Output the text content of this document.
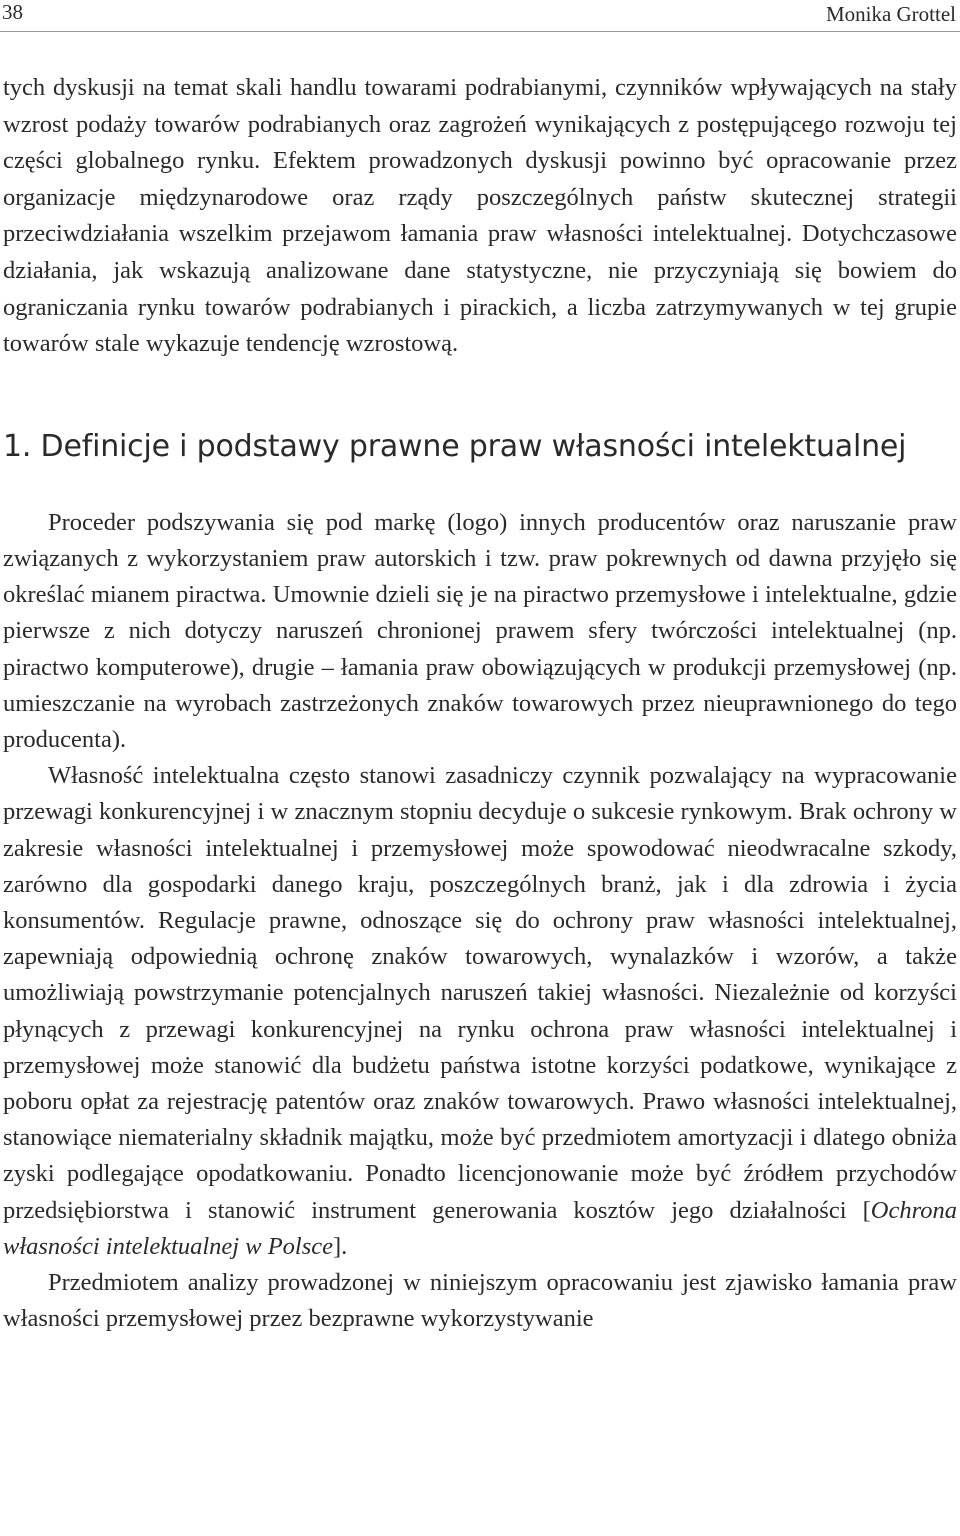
38	Monika Grottel

tych dyskusji na temat skali handlu towarami podrabianymi, czynników wpływających na stały wzrost podaży towarów podrabianych oraz zagrożeń wynikających z postępującego rozwoju tej części globalnego rynku. Efektem prowadzonych dyskusji powinno być opracowanie przez organizacje międzynarodowe oraz rządy poszczególnych państw skutecznej strategii przeciwdziałania wszelkim przejawom łamania praw własności intelektualnej. Dotychczasowe działania, jak wskazują analizowane dane statystyczne, nie przyczyniają się bowiem do ograniczania rynku towarów podrabianych i pirackich, a liczba zatrzymywanych w tej grupie towarów stale wykazuje tendencję wzrostową.

1. Definicje i podstawy prawne praw własności intelektualnej

Proceder podszywania się pod markę (logo) innych producentów oraz naruszanie praw związanych z wykorzystaniem praw autorskich i tzw. praw pokrewnych od dawna przyjęło się określać mianem piractwa. Umownie dzieli się je na piractwo przemysłowe i intelektualne, gdzie pierwsze z nich dotyczy naruszeń chronionej prawem sfery twórczości intelektualnej (np. piractwo komputerowe), drugie – łamania praw obowiązujących w produkcji przemysłowej (np. umieszczanie na wyrobach zastrzeżonych znaków towarowych przez nieuprawnionego do tego producenta).

Własność intelektualna często stanowi zasadniczy czynnik pozwalający na wypracowanie przewagi konkurencyjnej i w znacznym stopniu decyduje o sukcesie rynkowym. Brak ochrony w zakresie własności intelektualnej i przemysłowej może spowodować nieodwracalne szkody, zarówno dla gospodarki danego kraju, poszczególnych branż, jak i dla zdrowia i życia konsumentów. Regulacje prawne, odnoszące się do ochrony praw własności intelektualnej, zapewniają odpowiednią ochronę znaków towarowych, wynalazków i wzorów, a także umożliwiają powstrzymanie potencjalnych naruszeń takiej własności. Niezależnie od korzyści płynących z przewagi konkurencyjnej na rynku ochrona praw własności intelektualnej i przemysłowej może stanowić dla budżetu państwa istotne korzyści podatkowe, wynikające z poboru opłat za rejestrację patentów oraz znaków towarowych. Prawo własności intelektualnej, stanowiące niematerialny składnik majątku, może być przedmiotem amortyzacji i dlatego obniża zyski podlegające opodatkowaniu. Ponadto licencjonowanie może być źródłem przychodów przedsiębiorstwa i stanowić instrument generowania kosztów jego działalności [Ochrona własności intelektualnej w Polsce].

Przedmiotem analizy prowadzonej w niniejszym opracowaniu jest zjawisko łamania praw własności przemysłowej przez bezprawne wykorzystywanie
